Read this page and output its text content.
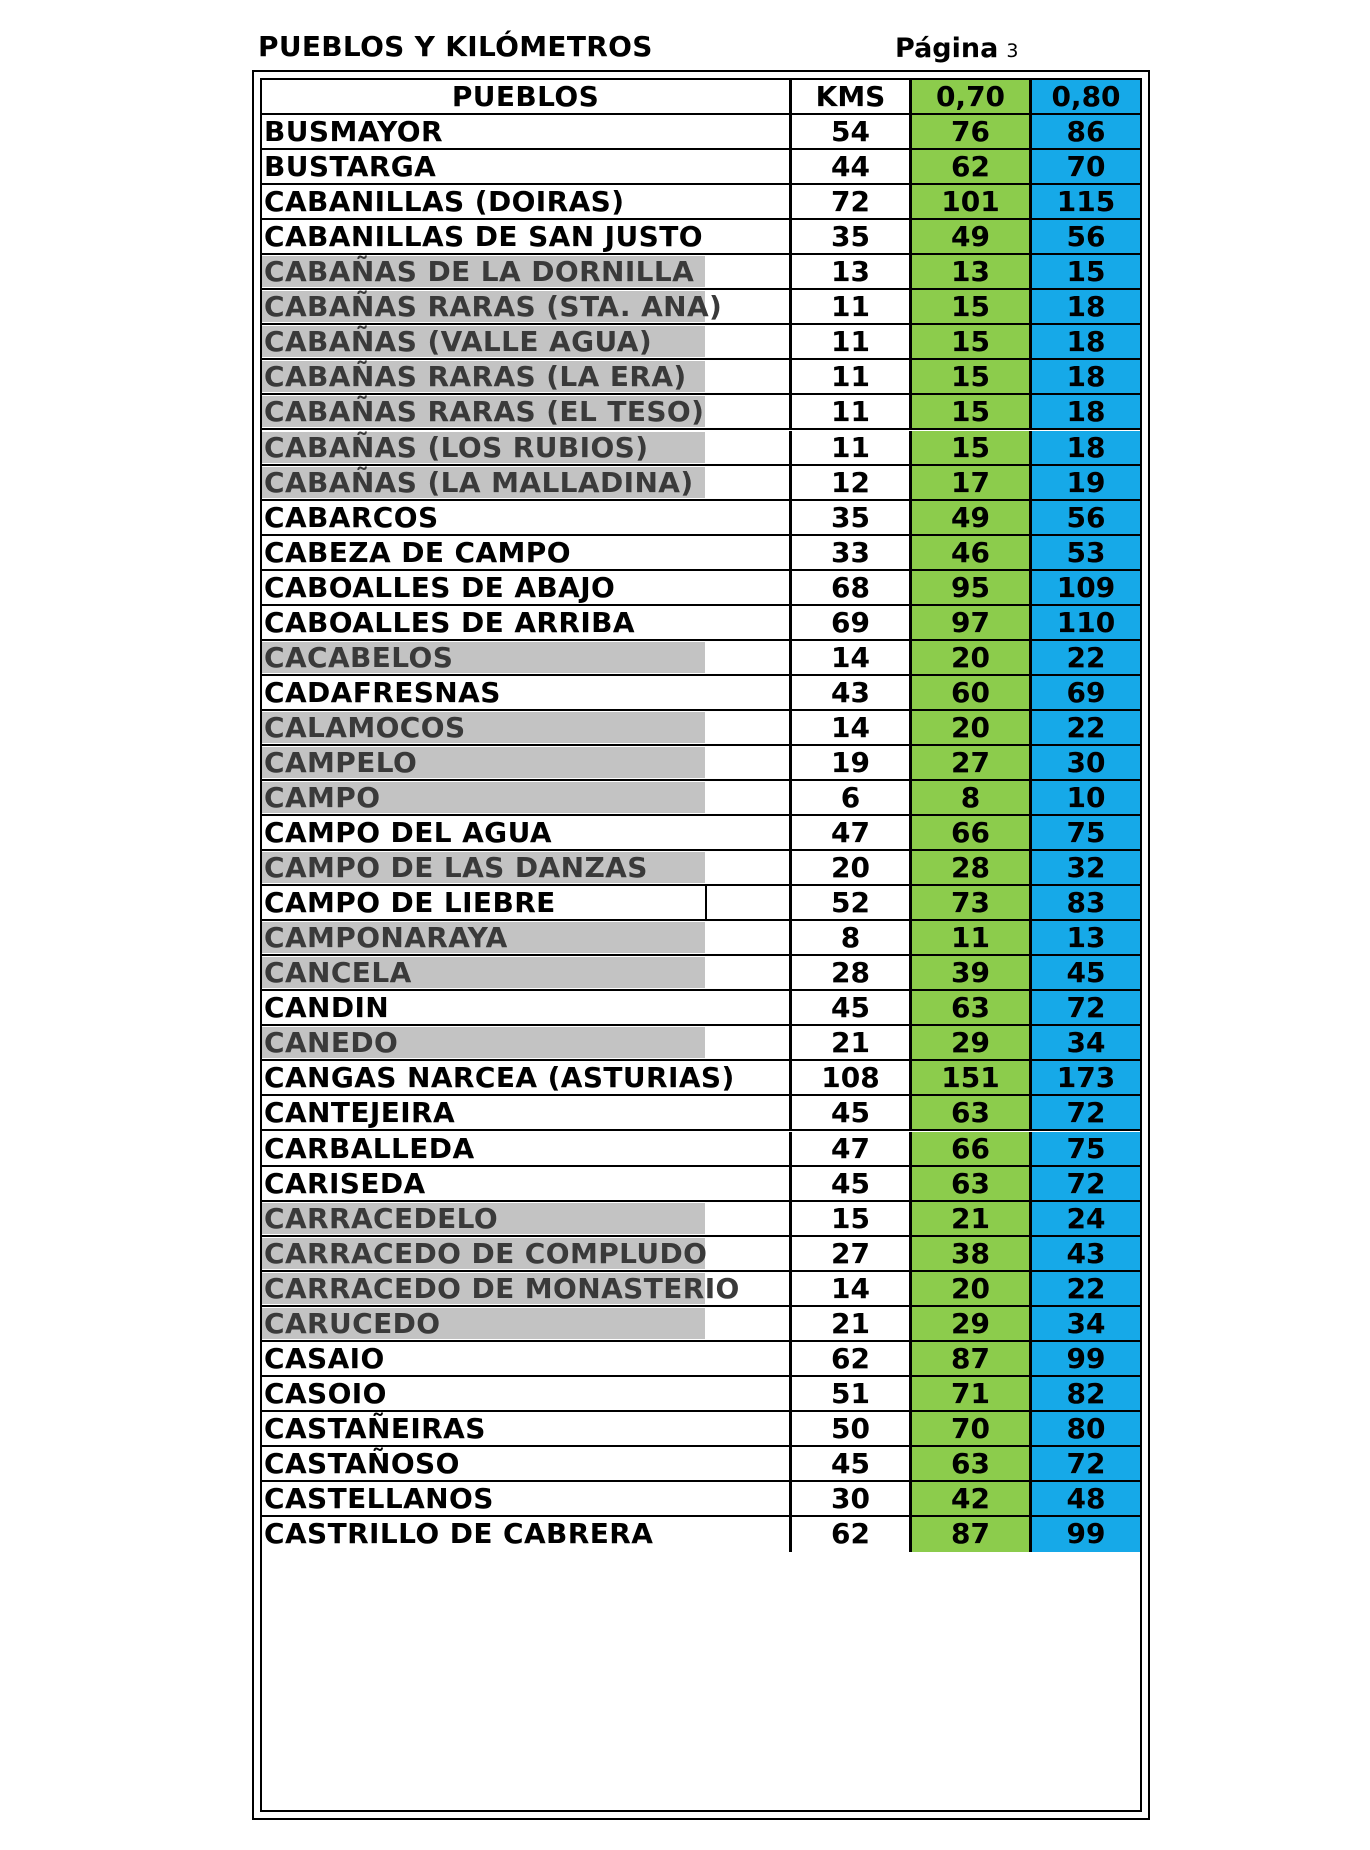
PUEBLOS Y KILÓMETROS	Página 3
PUEBLOS	KMS	0,70	0,80
BUSMAYOR	54	76	86
BUSTARGA	44	62	70
CABANILLAS (DOIRAS)	72	101	115
CABANILLAS DE SAN JUSTO	35	49	56
CABAÑAS DE LA DORNILLA	13	13	15
CABAÑAS RARAS (STA. ANA)	11	15	18
CABAÑAS (VALLE AGUA)	11	15	18
CABAÑAS RARAS (LA ERA)	11	15	18
CABAÑAS RARAS (EL TESO)	11	15	18
CABAÑAS (LOS RUBIOS)	11	15	18
CABAÑAS (LA MALLADINA)	12	17	19
CABARCOS	35	49	56
CABEZA DE CAMPO	33	46	53
CABOALLES DE ABAJO	68	95	109
CABOALLES DE ARRIBA	69	97	110
CACABELOS	14	20	22
CADAFRESNAS	43	60	69
CALAMOCOS	14	20	22
CAMPELO	19	27	30
CAMPO	6	8	10
CAMPO DEL AGUA	47	66	75
CAMPO DE LAS DANZAS	20	28	32
CAMPO DE LIEBRE	52	73	83
CAMPONARAYA	8	11	13
CANCELA	28	39	45
CANDIN	45	63	72
CANEDO	21	29	34
CANGAS NARCEA (ASTURIAS)	108	151	173
CANTEJEIRA	45	63	72
CARBALLEDA	47	66	75
CARISEDA	45	63	72
CARRACEDELO	15	21	24
CARRACEDO DE COMPLUDO	27	38	43
CARRACEDO DE MONASTERIO	14	20	22
CARUCEDO	21	29	34
CASAIO	62	87	99
CASOIO	51	71	82
CASTAÑEIRAS	50	70	80
CASTAÑOSO	45	63	72
CASTELLANOS	30	42	48
CASTRILLO DE CABRERA	62	87	99
